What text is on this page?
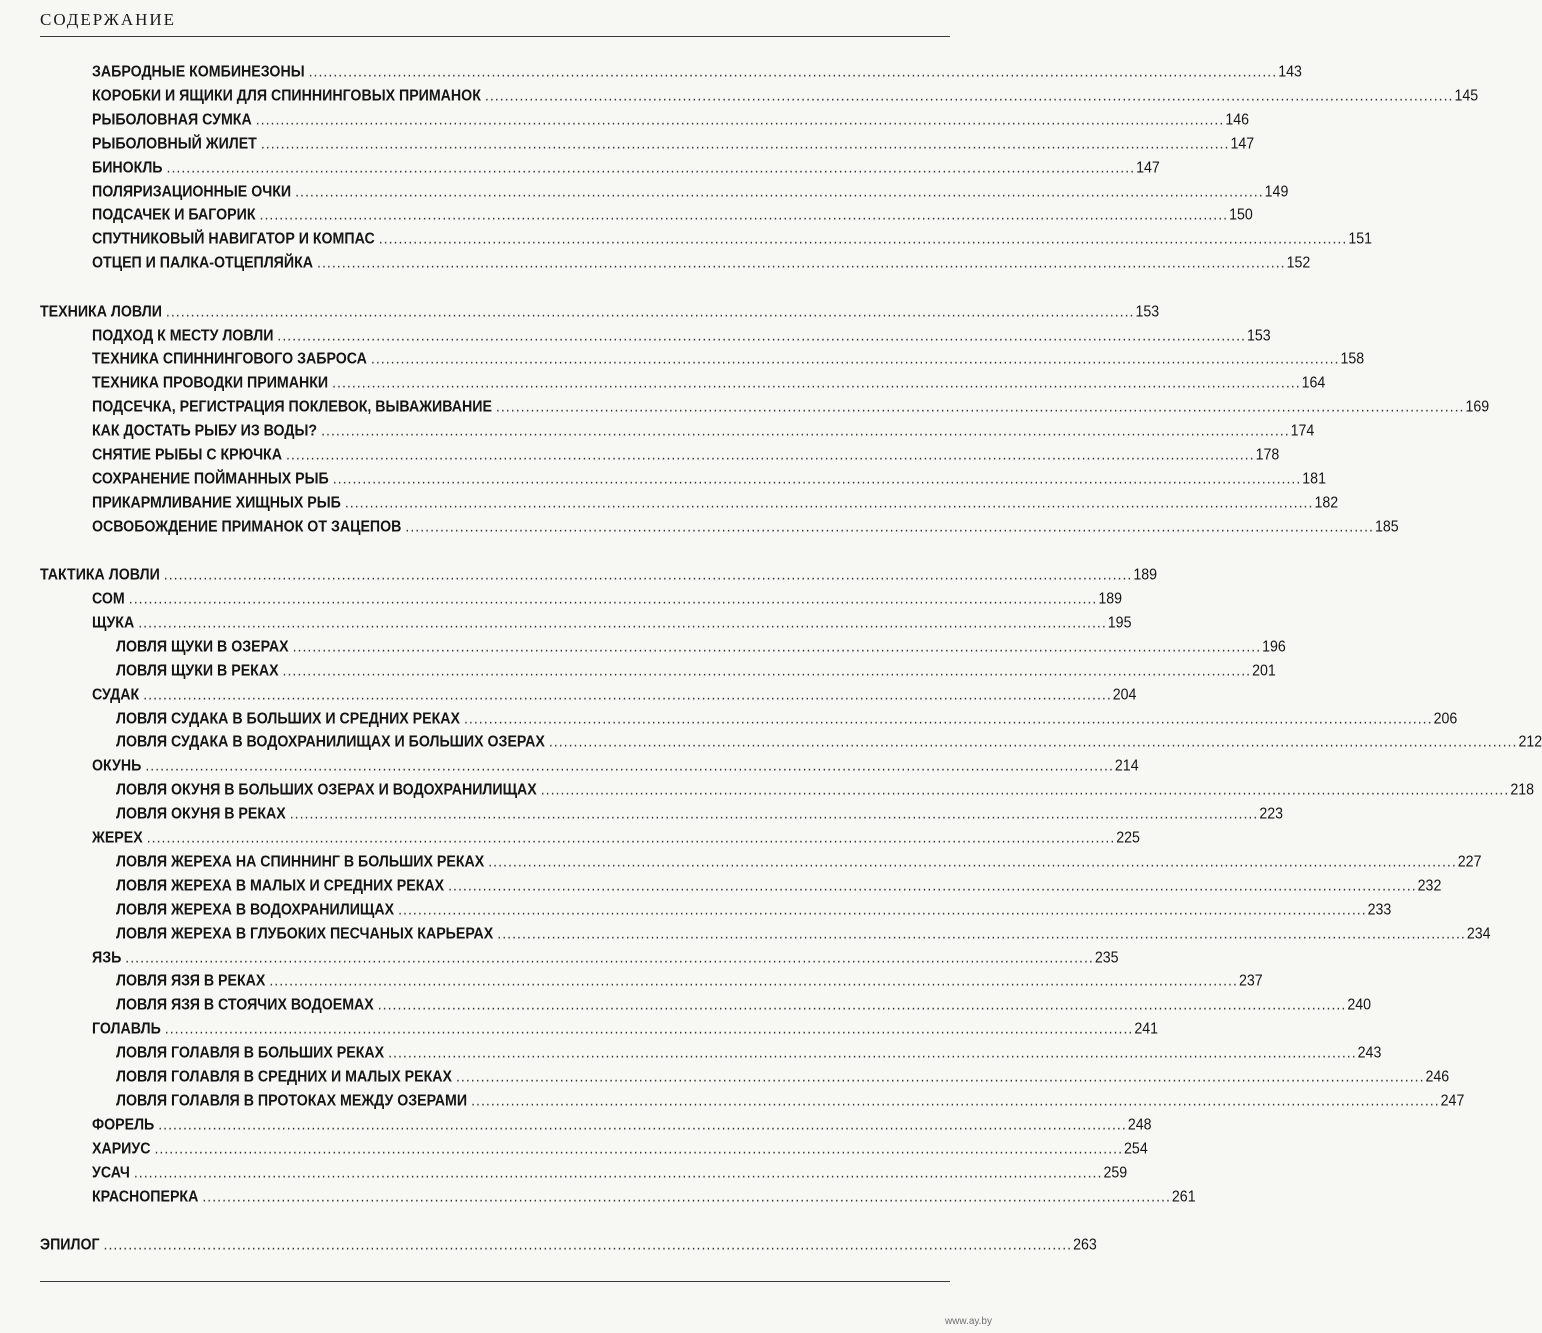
СОДЕРЖАНИЕ
ЗАБРОДНЫЕ КОМБИНЕЗОНЫ .................................................................................................................................................................................................... 143
КОРОБКИ И ЯЩИКИ ДЛЯ СПИННИНГОВЫХ ПРИМАНОК .................................................................................................................................................................................................... 145
РЫБОЛОВНАЯ СУМКА .................................................................................................................................................................................................... 146
РЫБОЛОВНЫЙ ЖИЛЕТ .................................................................................................................................................................................................... 147
БИНОКЛЬ .................................................................................................................................................................................................... 147
ПОЛЯРИЗАЦИОННЫЕ ОЧКИ .................................................................................................................................................................................................... 149
ПОДСАЧЕК И БАГОРИК .................................................................................................................................................................................................... 150
СПУТНИКОВЫЙ НАВИГАТОР И КОМПАС .................................................................................................................................................................................................... 151
ОТЦЕП И ПАЛКА-ОТЦЕПЛЯЙКА .................................................................................................................................................................................................... 152
ТЕХНИКА ЛОВЛИ .................................................................................................................................................................................................... 153
ПОДХОД К МЕСТУ ЛОВЛИ .................................................................................................................................................................................................... 153
ТЕХНИКА СПИННИНГОВОГО ЗАБРОСА .................................................................................................................................................................................................... 158
ТЕХНИКА ПРОВОДКИ ПРИМАНКИ .................................................................................................................................................................................................... 164
ПОДСЕЧКА, РЕГИСТРАЦИЯ ПОКЛЕВОК, ВЫВАЖИВАНИЕ .................................................................................................................................................................................................... 169
КАК ДОСТАТЬ РЫБУ ИЗ ВОДЫ? .................................................................................................................................................................................................... 174
СНЯТИЕ РЫБЫ С КРЮЧКА .................................................................................................................................................................................................... 178
СОХРАНЕНИЕ ПОЙМАННЫХ РЫБ .................................................................................................................................................................................................... 181
ПРИКАРМЛИВАНИЕ ХИЩНЫХ РЫБ .................................................................................................................................................................................................... 182
ОСВОБОЖДЕНИЕ ПРИМАНОК ОТ ЗАЦЕПОВ .................................................................................................................................................................................................... 185
ТАКТИКА ЛОВЛИ .................................................................................................................................................................................................... 189
СОМ .................................................................................................................................................................................................... 189
ЩУКА .................................................................................................................................................................................................... 195
ЛОВЛЯ ЩУКИ В ОЗЕРАХ .................................................................................................................................................................................................... 196
ЛОВЛЯ ЩУКИ В РЕКАХ .................................................................................................................................................................................................... 201
СУДАК .................................................................................................................................................................................................... 204
ЛОВЛЯ СУДАКА В БОЛЬШИХ И СРЕДНИХ РЕКАХ .................................................................................................................................................................................................... 206
ЛОВЛЯ СУДАКА В ВОДОХРАНИЛИЩАХ И БОЛЬШИХ ОЗЕРАХ .................................................................................................................................................................................................... 212
ОКУНЬ .................................................................................................................................................................................................... 214
ЛОВЛЯ ОКУНЯ В БОЛЬШИХ ОЗЕРАХ И ВОДОХРАНИЛИЩАХ .................................................................................................................................................................................................... 218
ЛОВЛЯ ОКУНЯ В РЕКАХ .................................................................................................................................................................................................... 223
ЖЕРЕХ .................................................................................................................................................................................................... 225
ЛОВЛЯ ЖЕРЕХА НА СПИННИНГ В БОЛЬШИХ РЕКАХ .................................................................................................................................................................................................... 227
ЛОВЛЯ ЖЕРЕХА В МАЛЫХ И СРЕДНИХ РЕКАХ .................................................................................................................................................................................................... 232
ЛОВЛЯ ЖЕРЕХА В ВОДОХРАНИЛИЩАХ .................................................................................................................................................................................................... 233
ЛОВЛЯ ЖЕРЕХА В ГЛУБОКИХ ПЕСЧАНЫХ КАРЬЕРАХ .................................................................................................................................................................................................... 234
ЯЗЬ .................................................................................................................................................................................................... 235
ЛОВЛЯ ЯЗЯ В РЕКАХ .................................................................................................................................................................................................... 237
ЛОВЛЯ ЯЗЯ В СТОЯЧИХ ВОДОЕМАХ .................................................................................................................................................................................................... 240
ГОЛАВЛЬ .................................................................................................................................................................................................... 241
ЛОВЛЯ ГОЛАВЛЯ В БОЛЬШИХ РЕКАХ .................................................................................................................................................................................................... 243
ЛОВЛЯ ГОЛАВЛЯ В СРЕДНИХ И МАЛЫХ РЕКАХ .................................................................................................................................................................................................... 246
ЛОВЛЯ ГОЛАВЛЯ В ПРОТОКАХ МЕЖДУ ОЗЕРАМИ .................................................................................................................................................................................................... 247
ФОРЕЛЬ .................................................................................................................................................................................................... 248
ХАРИУС .................................................................................................................................................................................................... 254
УСАЧ .................................................................................................................................................................................................... 259
КРАСНОПЕРКА .................................................................................................................................................................................................... 261
ЭПИЛОГ .................................................................................................................................................................................................... 263
www.ay.by
